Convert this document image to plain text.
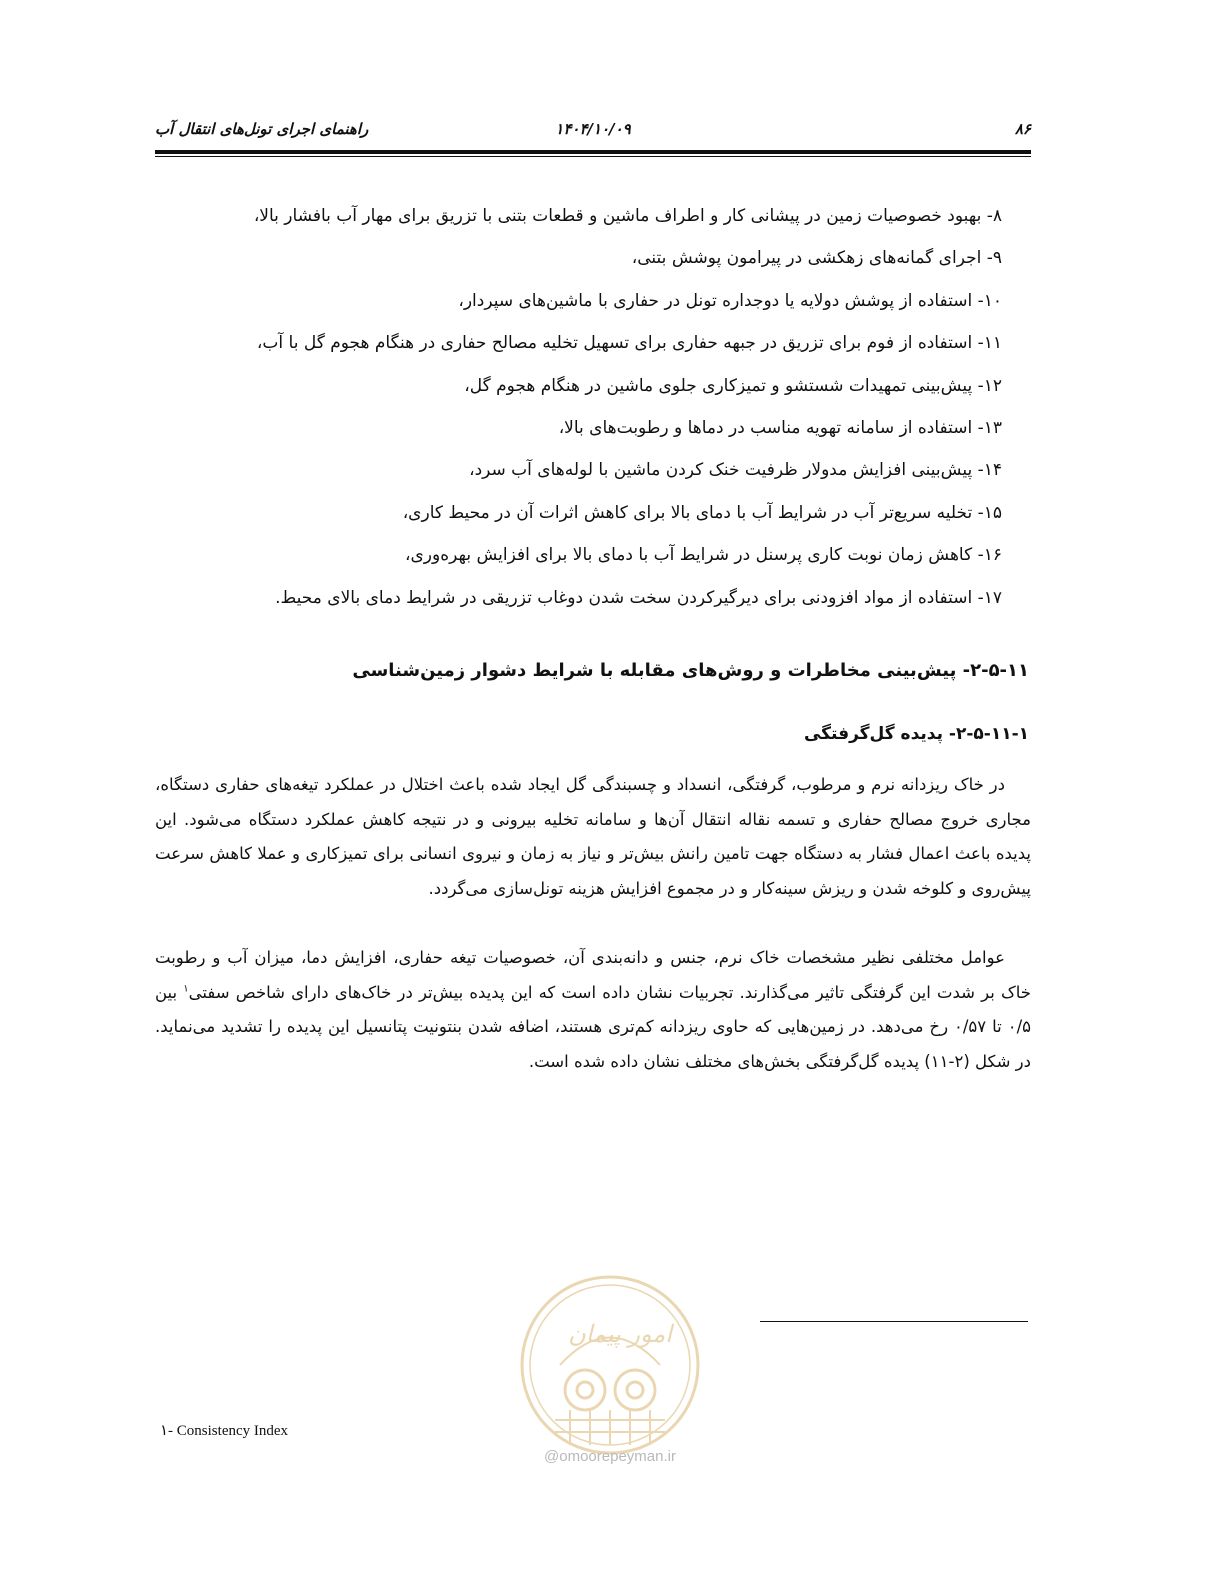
۸۶
۱۴۰۴/۱۰/۰۹
راهنمای اجرای تونل‌های انتقال آب
۸- بهبود خصوصیات زمین در پیشانی کار و اطراف ماشین و قطعات بتنی با تزریق برای مهار آب بافشار بالا،
۹- اجرای گمانه‌های زهکشی در پیرامون پوشش بتنی،
۱۰- استفاده از پوشش دولایه یا دوجداره تونل در حفاری با ماشین‌های سپردار،
۱۱- استفاده از فوم برای تزریق در جبهه حفاری برای تسهیل تخلیه مصالح حفاری در هنگام هجوم گل با آب،
۱۲- پیش‌بینی تمهیدات شستشو و تمیزکاری جلوی ماشین در هنگام هجوم گل،
۱۳- استفاده از سامانه تهویه مناسب در دماها و رطوبت‌های بالا،
۱۴- پیش‌بینی افزایش مدولار ظرفیت خنک کردن ماشین با لوله‌های آب سرد،
۱۵- تخلیه سریع‌تر آب در شرایط آب با دمای بالا برای کاهش اثرات آن در محیط کاری،
۱۶- کاهش زمان نوبت کاری پرسنل در شرایط آب با دمای بالا برای افزایش بهره‌وری،
۱۷- استفاده از مواد افزودنی برای دیرگیرکردن سخت شدن دوغاب تزریقی در شرایط دمای بالای محیط.
۲-۵-۱۱- پیش‌بینی مخاطرات و روش‌های مقابله با شرایط دشوار زمین‌شناسی
۲-۵-۱۱-۱- پدیده گل‌گرفتگی
در خاک ریزدانه نرم و مرطوب، گرفتگی، انسداد و چسبندگی گل ایجاد شده باعث اختلال در عملکرد تیغه‌های حفاری دستگاه، مجاری خروج مصالح حفاری و تسمه نقاله انتقال آن‌ها و سامانه تخلیه بیرونی و در نتیجه کاهش عملکرد دستگاه می‌شود. این پدیده باعث اعمال فشار به دستگاه جهت تامین رانش بیش‌تر و نیاز به زمان و نیروی انسانی برای تمیزکاری و عملا کاهش سرعت پیش‌روی و کلوخه شدن و ریزش سینه‌کار و در مجموع افزایش هزینه تونل‌سازی می‌گردد.
عوامل مختلفی نظیر مشخصات خاک نرم، جنس و دانه‌بندی آن، خصوصیات تیغه حفاری، افزایش دما، میزان آب و رطوبت خاک بر شدت این گرفتگی تاثیر می‌گذارند. تجربیات نشان داده است که این پدیده بیش‌تر در خاک‌های دارای شاخص سفتی$^۱$ بین ۰/۵ تا ۰/۵۷ رخ می‌دهد. در زمین‌هایی که حاوی ریزدانه کم‌تری هستند، اضافه شدن بنتونیت پتانسیل این پدیده را تشدید می‌نماید. در شکل (۲-۱۱) پدیده گل‌گرفتگی بخش‌های مختلف نشان داده شده است.
۱- Consistency Index
امور پیمان
@omoorepeyman.ir
